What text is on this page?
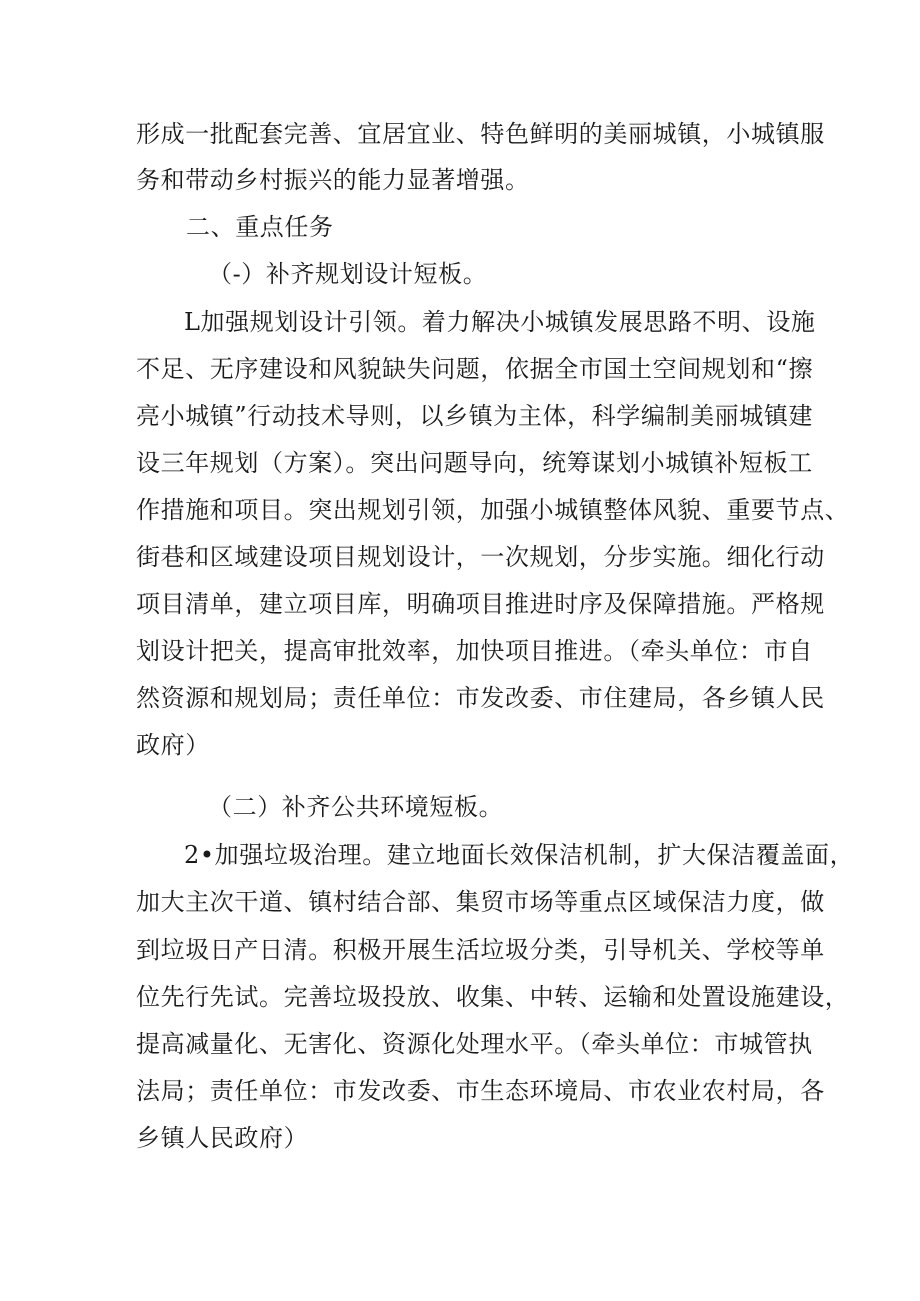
形成一批配套完善、宜居宜业、特色鲜明的美丽城镇，小城镇服
务和带动乡村振兴的能力显著增强。
二、重点任务
（-）补齐规划设计短板。
L加强规划设计引领。着力解决小城镇发展思路不明、设施
不足、无序建设和风貌缺失问题，依据全市国土空间规划和“擦
亮小城镇”行动技术导则，以乡镇为主体，科学编制美丽城镇建
设三年规划（方案）。突出问题导向，统筹谋划小城镇补短板工
作措施和项目。突出规划引领，加强小城镇整体风貌、重要节点、
街巷和区域建设项目规划设计，一次规划，分步实施。细化行动
项目清单，建立项目库，明确项目推进时序及保障措施。严格规
划设计把关，提高审批效率，加快项目推进。（牵头单位：市自
然资源和规划局；责任单位：市发改委、市住建局，各乡镇人民
政府）
（二）补齐公共环境短板。
2•加强垃圾治理。建立地面长效保洁机制，扩大保洁覆盖面，
加大主次干道、镇村结合部、集贸市场等重点区域保洁力度，做
到垃圾日产日清。积极开展生活垃圾分类，引导机关、学校等单
位先行先试。完善垃圾投放、收集、中转、运输和处置设施建设，
提高减量化、无害化、资源化处理水平。（牵头单位：市城管执
法局；责任单位：市发改委、市生态环境局、市农业农村局，各
乡镇人民政府）
